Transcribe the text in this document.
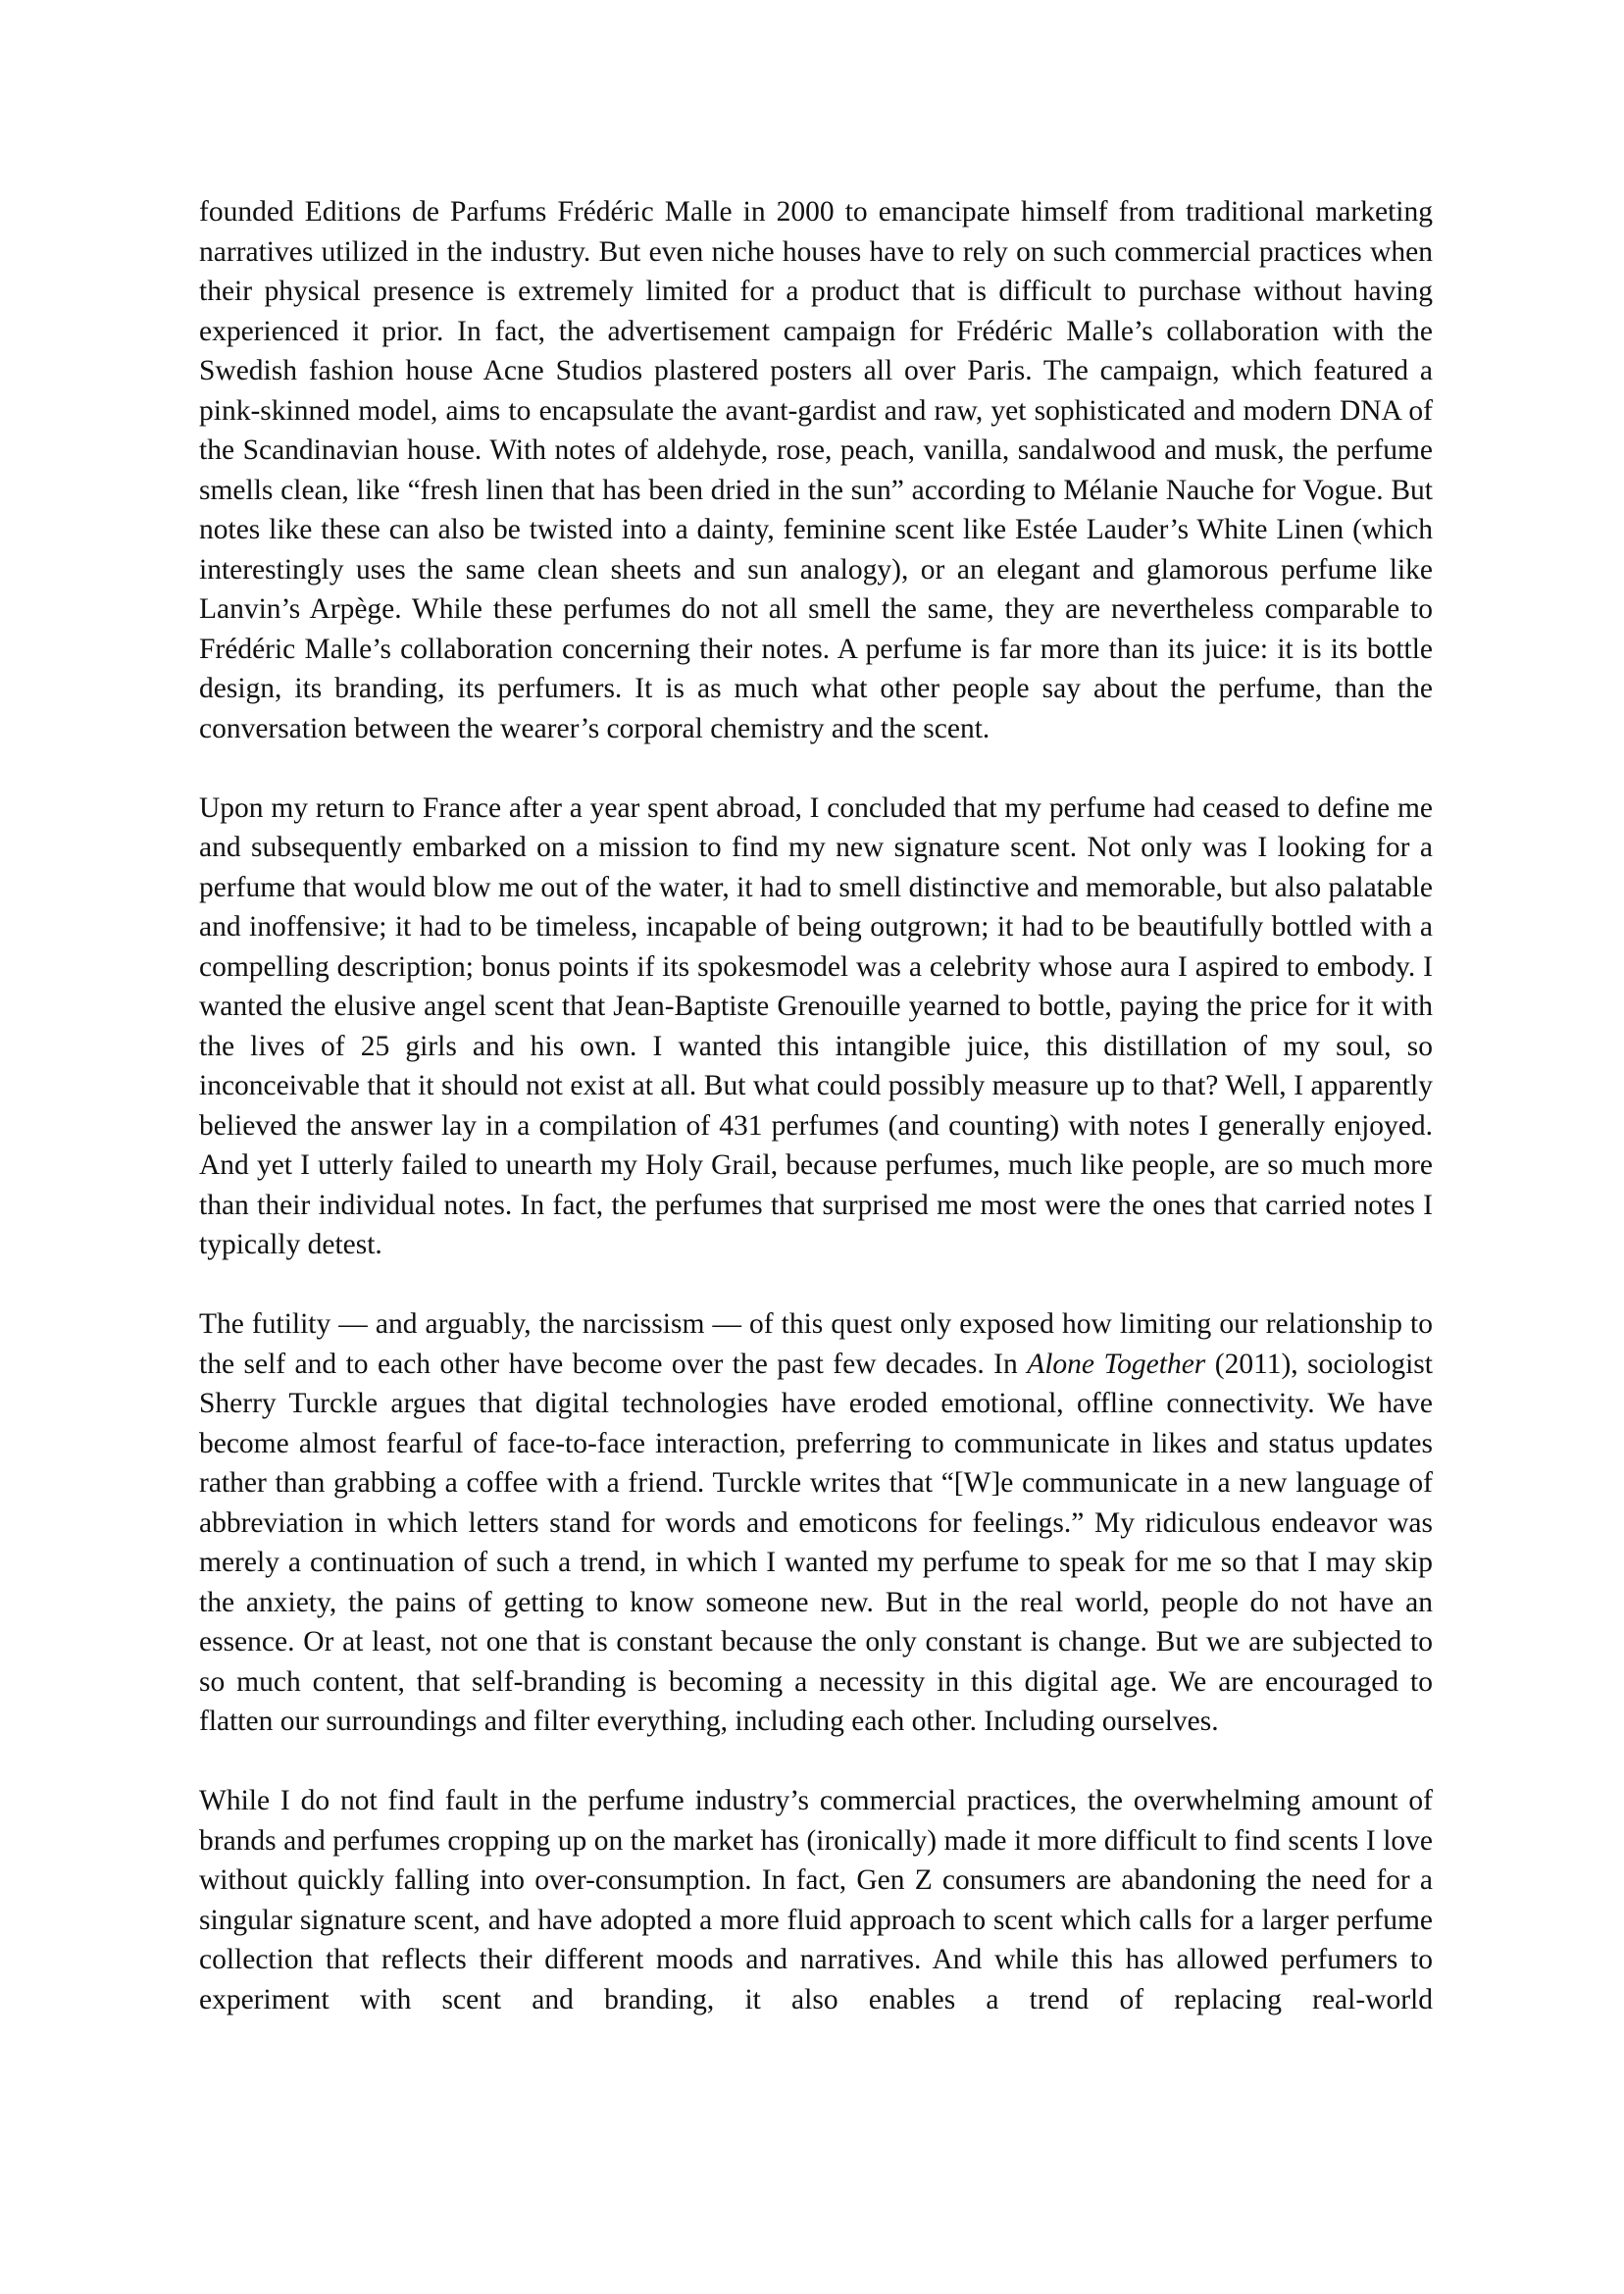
founded Editions de Parfums Frédéric Malle in 2000 to emancipate himself from traditional marketing narratives utilized in the industry. But even niche houses have to rely on such commercial practices when their physical presence is extremely limited for a product that is difficult to purchase without having experienced it prior. In fact, the advertisement campaign for Frédéric Malle’s collaboration with the Swedish fashion house Acne Studios plastered posters all over Paris. The campaign, which featured a pink-skinned model, aims to encapsulate the avant-gardist and raw, yet sophisticated and modern DNA of the Scandinavian house. With notes of aldehyde, rose, peach, vanilla, sandalwood and musk, the perfume smells clean, like “fresh linen that has been dried in the sun” according to Mélanie Nauche for Vogue. But notes like these can also be twisted into a dainty, feminine scent like Estée Lauder’s White Linen (which interestingly uses the same clean sheets and sun analogy), or an elegant and glamorous perfume like Lanvin’s Arpège. While these perfumes do not all smell the same, they are nevertheless comparable to Frédéric Malle’s collaboration concerning their notes. A perfume is far more than its juice: it is its bottle design, its branding, its perfumers. It is as much what other people say about the perfume, than the conversation between the wearer’s corporal chemistry and the scent.

Upon my return to France after a year spent abroad, I concluded that my perfume had ceased to define me and subsequently embarked on a mission to find my new signature scent. Not only was I looking for a perfume that would blow me out of the water, it had to smell distinctive and memorable, but also palatable and inoffensive; it had to be timeless, incapable of being outgrown; it had to be beautifully bottled with a compelling description; bonus points if its spokesmodel was a celebrity whose aura I aspired to embody. I wanted the elusive angel scent that Jean-Baptiste Grenouille yearned to bottle, paying the price for it with the lives of 25 girls and his own. I wanted this intangible juice, this distillation of my soul, so inconceivable that it should not exist at all. But what could possibly measure up to that? Well, I apparently believed the answer lay in a compilation of 431 perfumes (and counting) with notes I generally enjoyed. And yet I utterly failed to unearth my Holy Grail, because perfumes, much like people, are so much more than their individual notes. In fact, the perfumes that surprised me most were the ones that carried notes I typically detest.

The futility — and arguably, the narcissism — of this quest only exposed how limiting our relationship to the self and to each other have become over the past few decades. In Alone Together (2011), sociologist Sherry Turckle argues that digital technologies have eroded emotional, offline connectivity. We have become almost fearful of face-to-face interaction, preferring to communicate in likes and status updates rather than grabbing a coffee with a friend. Turckle writes that “[W]e communicate in a new language of abbreviation in which letters stand for words and emoticons for feelings.” My ridiculous endeavor was merely a continuation of such a trend, in which I wanted my perfume to speak for me so that I may skip the anxiety, the pains of getting to know someone new. But in the real world, people do not have an essence. Or at least, not one that is constant because the only constant is change. But we are subjected to so much content, that self-branding is becoming a necessity in this digital age. We are encouraged to flatten our surroundings and filter everything, including each other. Including ourselves.

While I do not find fault in the perfume industry’s commercial practices, the overwhelming amount of brands and perfumes cropping up on the market has (ironically) made it more difficult to find scents I love without quickly falling into over-consumption. In fact, Gen Z consumers are abandoning the need for a singular signature scent, and have adopted a more fluid approach to scent which calls for a larger perfume collection that reflects their different moods and narratives. And while this has allowed perfumers to experiment with scent and branding, it also enables a trend of replacing real-world
